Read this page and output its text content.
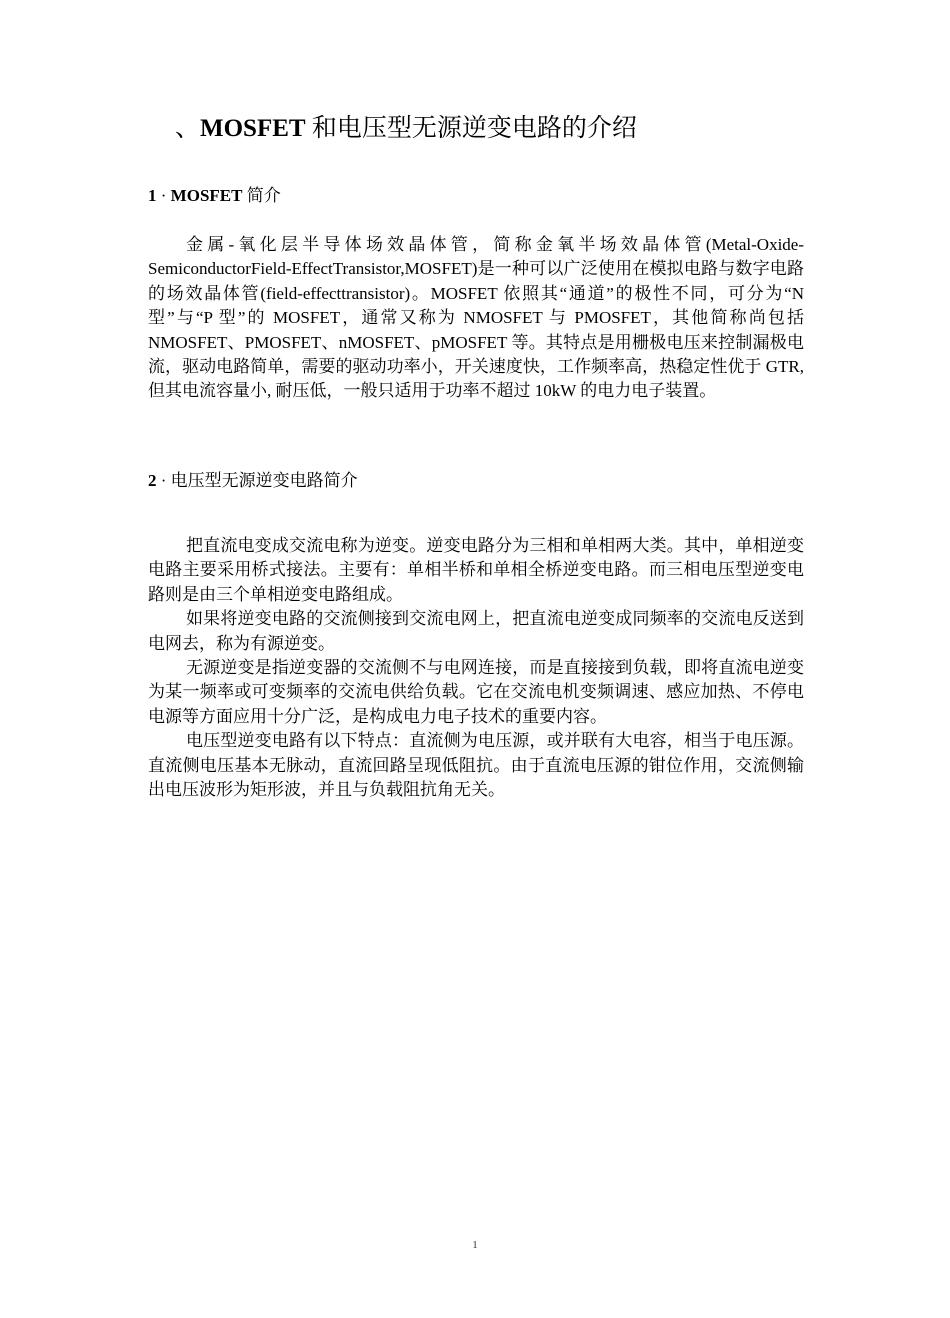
、MOSFET 和电压型无源逆变电路的介绍
1 · MOSFET 简介

金属-氧化层半导体场效晶体管，简称金氧半场效晶体管(Metal-Oxide-SemiconductorField-EffectTransistor,MOSFET)是一种可以广泛使用在模拟电路与数字电路的场效晶体管(field-effecttransistor)。MOSFET 依照其“通道”的极性不同，可分为“N 型”与“P 型”的 MOSFET，通常又称为 NMOSFET 与 PMOSFET，其他简称尚包括 NMOSFET、PMOSFET、nMOSFET、pMOSFET 等。其特点是用栅极电压来控制漏极电流，驱动电路简单，需要的驱动功率小，开关速度快，工作频率高，热稳定性优于 GTR, 但其电流容量小, 耐压低，一般只适用于功率不超过 10kW 的电力电子装置。

2 · 电压型无源逆变电路简介

把直流电变成交流电称为逆变。逆变电路分为三相和单相两大类。其中，单相逆变电路主要采用桥式接法。主要有：单相半桥和单相全桥逆变电路。而三相电压型逆变电路则是由三个单相逆变电路组成。

如果将逆变电路的交流侧接到交流电网上，把直流电逆变成同频率的交流电反送到电网去，称为有源逆变。

无源逆变是指逆变器的交流侧不与电网连接，而是直接接到负载，即将直流电逆变为某一频率或可变频率的交流电供给负载。它在交流电机变频调速、感应加热、不停电电源等方面应用十分广泛，是构成电力电子技术的重要内容。

电压型逆变电路有以下特点：直流侧为电压源，或并联有大电容，相当于电压源。直流侧电压基本无脉动，直流回路呈现低阻抗。由于直流电压源的钳位作用，交流侧输出电压波形为矩形波，并且与负载阻抗角无关。

1
